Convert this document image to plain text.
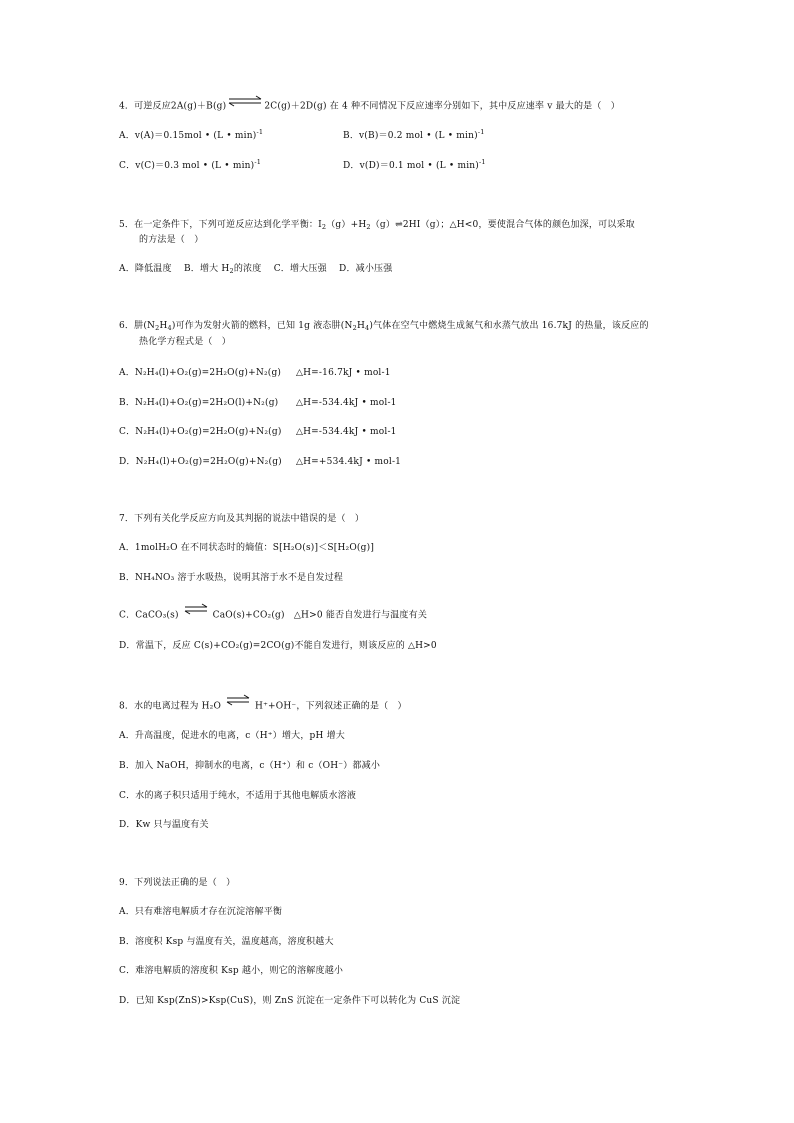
4．可逆反应2A(g)＋B(g)⇌2C(g)＋2D(g) 在 4 种不同情况下反应速率分别如下，其中反应速率 v 最大的是（　）
A．v(A)＝0.15mol • (L • min)$^{-1}$	B．v(B)＝0.2 mol • (L • min)$^{-1}$
C．v(C)＝0.3 mol • (L • min)$^{-1}$	D．v(D)＝0.1 mol • (L • min)$^{-1}$
5．在一定条件下，下列可逆反应达到化学平衡：$I_2(g)+H_2(g)\rightleftharpoons 2HI(g)$；△H<0，要使混合气体的颜色加深，可以采取
的方法是（　）
A．降低温度　 B．增大 $H_2$的浓度　 C．增大压强　 D．减小压强
6．肼$(N_2H_4)$可作为发射火箭的燃料，已知 1g 液态肼$(N_2H_4)$气体在空气中燃烧生成氮气和水蒸气放出 16.7kJ 的热量，该反应的
热化学方程式是（　）
A．N₂H₄(l)+O₂(g)=2H₂O(g)+N₂(g) △H=-16.7kJ • mol-1
B．N₂H₄(l)+O₂(g)=2H₂O(l)+N₂(g) △H=-534.4kJ • mol-1
C．N₂H₄(l)+O₂(g)=2H₂O(g)+N₂(g) △H=-534.4kJ • mol-1
D．N₂H₄(l)+O₂(g)=2H₂O(g)+N₂(g) △H=+534.4kJ • mol-1
7．下列有关化学反应方向及其判据的说法中错误的是（　）
A．1molH₂O 在不同状态时的熵值：S[H₂O(s)]＜S[H₂O(g)]
B．NH₄NO₃ 溶于水吸热，说明其溶于水不是自发过程
C．CaCO₃(s)	CaO(s)+CO₂(g)　△H>0 能否自发进行与温度有关
D．常温下，反应 C(s)+CO₂(g)=2CO(g)不能自发进行，则该反应的 △H>0
8．水的电离过程为 H₂O	H⁺+OH⁻，下列叙述正确的是（　）
A．升高温度，促进水的电离，c（H⁺）增大，pH 增大
B．加入 NaOH，抑制水的电离，c（H⁺）和 c（OH⁻）都减小
C．水的离子积只适用于纯水，不适用于其他电解质水溶液
D．Kw 只与温度有关
9．下列说法正确的是（　）
A．只有难溶电解质才存在沉淀溶解平衡
B．溶度积 Ksp 与温度有关，温度越高，溶度积越大
C．难溶电解质的溶度积 Ksp 越小，则它的溶解度越小
D．已知 Ksp(ZnS)>Ksp(CuS)，则 ZnS 沉淀在一定条件下可以转化为 CuS 沉淀
